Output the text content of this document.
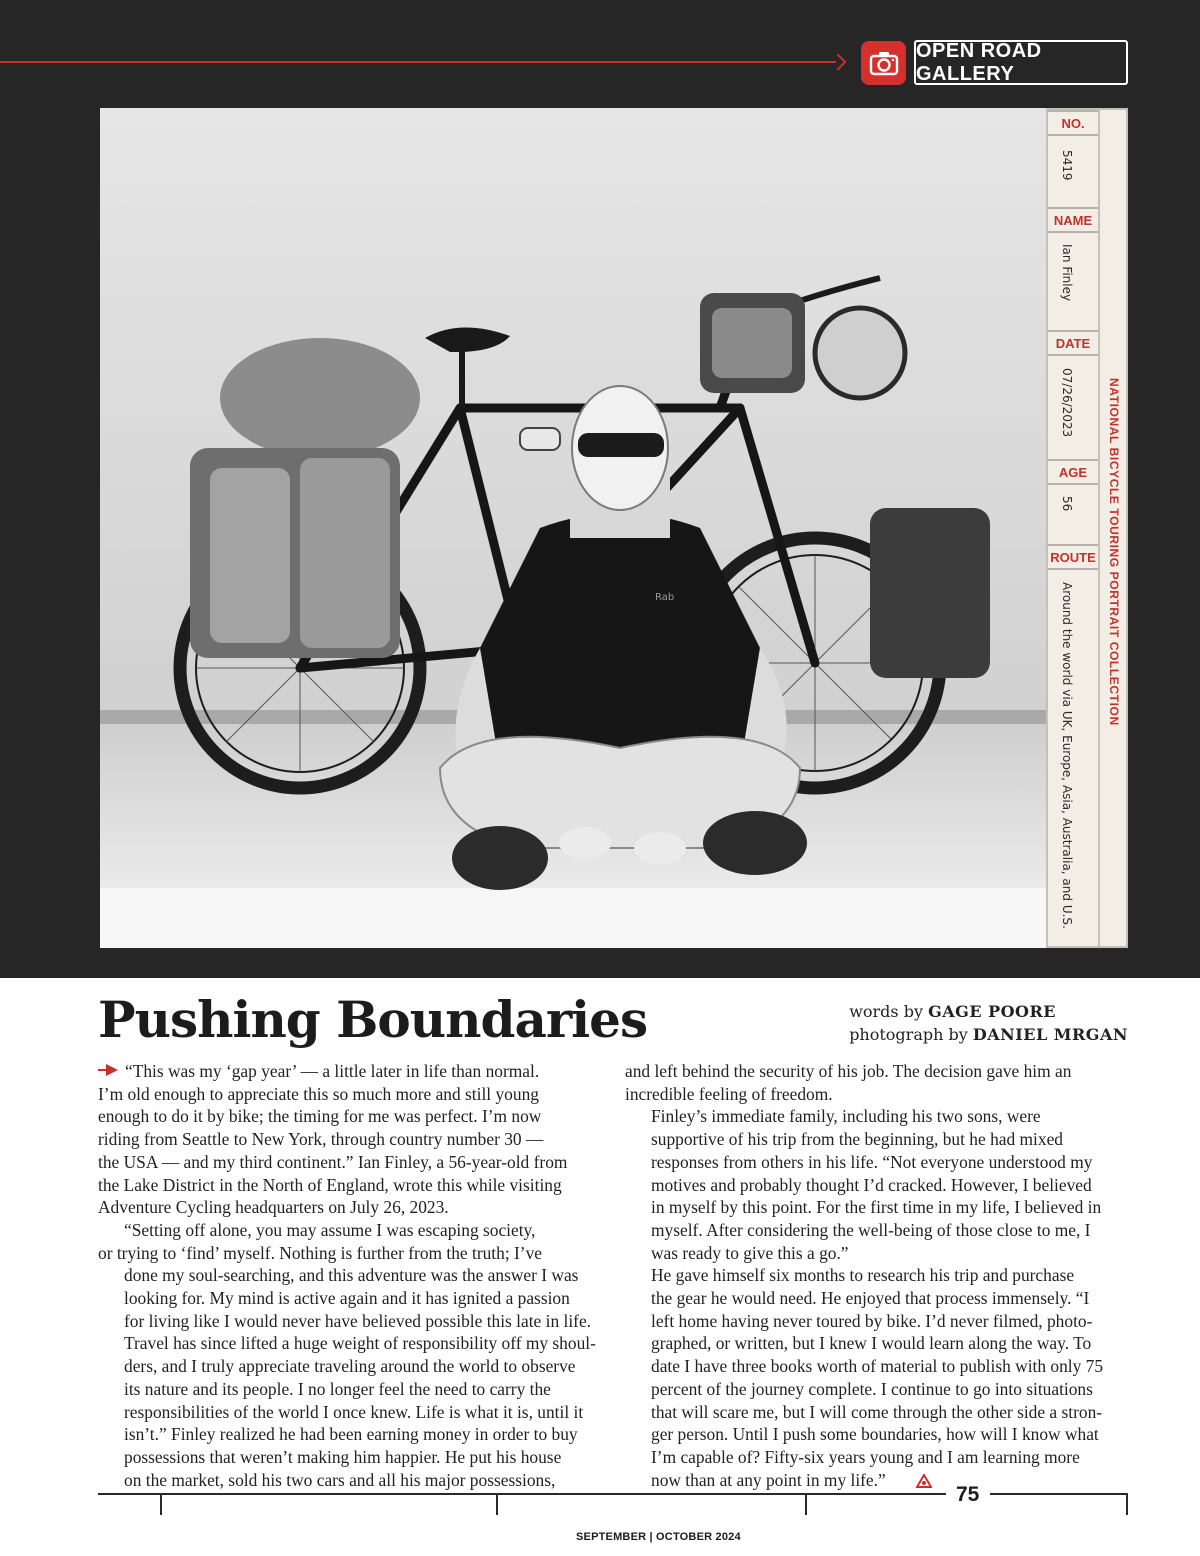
OPEN ROAD GALLERY
Rab
NO.
5419
NAME
Ian Finley
DATE
07/26/2023
AGE
56
ROUTE
Around the world via UK, Europe, Asia, Australia, and U.S.
NATIONAL BICYCLE TOURING PORTRAIT COLLECTION
Pushing Boundaries	words by GAGE POORE
photograph by DANIEL MRGAN

“This was my ‘gap year’ — a little later in life than normal.
I’m old enough to appreciate this so much more and still young
enough to do it by bike; the timing for me was perfect. I’m now
riding from Seattle to New York, through country number 30 —
the USA — and my third continent.” Ian Finley, a 56-year-old from
the Lake District in the North of England, wrote this while visiting
Adventure Cycling headquarters on July 26, 2023.

“Setting off alone, you may assume I was escaping society,
or trying to ‘find’ myself. Nothing is further from the truth; I’ve
done my soul-searching, and this adventure was the answer I was
looking for. My mind is active again and it has ignited a passion
for living like I would never have believed possible this late in life.
Travel has since lifted a huge weight of responsibility off my shoul-
ders, and I truly appreciate traveling around the world to observe
its nature and its people. I no longer feel the need to carry the
responsibilities of the world I once knew. Life is what it is, until it
isn’t.” Finley realized he had been earning money in order to buy
possessions that weren’t making him happier. He put his house
on the market, sold his two cars and all his major possessions,

and left behind the security of his job. The decision gave him an
incredible feeling of freedom.

Finley’s immediate family, including his two sons, were
supportive of his trip from the beginning, but he had mixed
responses from others in his life. “Not everyone understood my
motives and probably thought I’d cracked. However, I believed
in myself by this point. For the first time in my life, I believed in
myself. After considering the well-being of those close to me, I
was ready to give this a go.”

He gave himself six months to research his trip and purchase
the gear he would need. He enjoyed that process immensely. “I
left home having never toured by bike. I’d never filmed, photo-
graphed, or written, but I knew I would learn along the way. To
date I have three books worth of material to publish with only 75
percent of the journey complete. I continue to go into situations
that will scare me, but I will come through the other side a stron-
ger person. Until I push some boundaries, how will I know what
I’m capable of? Fifty-six years young and I am learning more
now than at any point in my life.”

75
SEPTEMBER | OCTOBER 2024
